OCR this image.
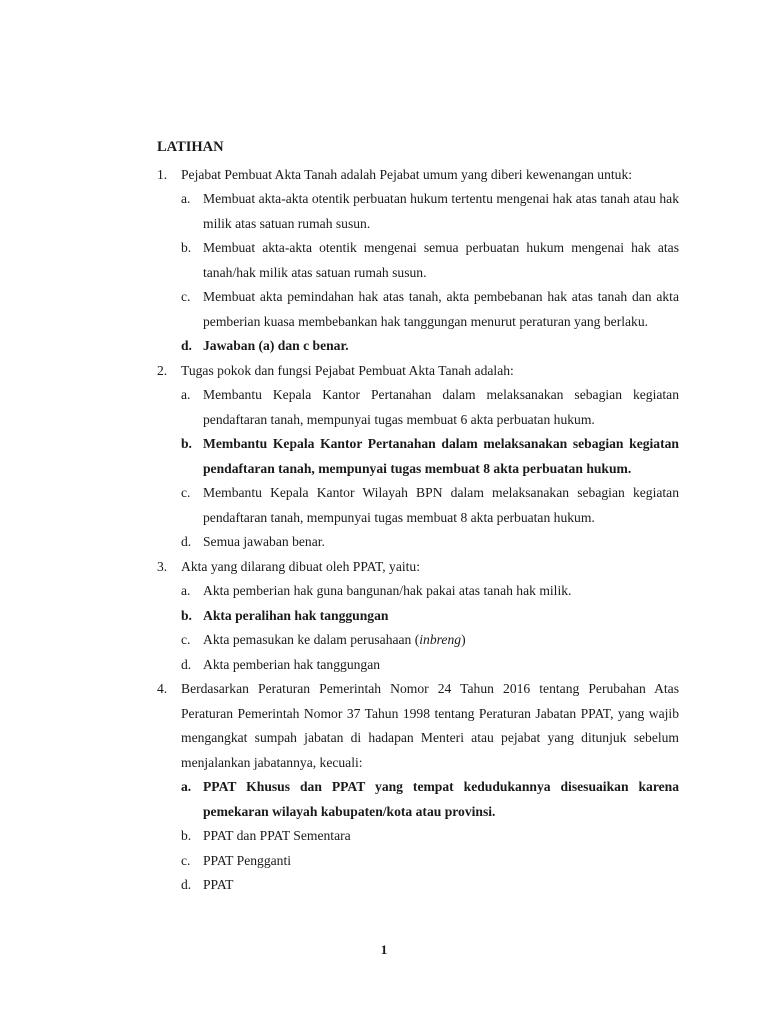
LATIHAN
1. Pejabat Pembuat Akta Tanah adalah Pejabat umum yang diberi kewenangan untuk:
a. Membuat akta-akta otentik perbuatan hukum tertentu mengenai hak atas tanah atau hak milik atas satuan rumah susun.
b. Membuat akta-akta otentik mengenai semua perbuatan hukum mengenai hak atas tanah/hak milik atas satuan rumah susun.
c. Membuat akta pemindahan hak atas tanah, akta pembebanan hak atas tanah dan akta pemberian kuasa membebankan hak tanggungan menurut peraturan yang berlaku.
d. Jawaban (a) dan c benar.
2. Tugas pokok dan fungsi Pejabat Pembuat Akta Tanah adalah:
a. Membantu Kepala Kantor Pertanahan dalam melaksanakan sebagian kegiatan pendaftaran tanah, mempunyai tugas membuat 6 akta perbuatan hukum.
b. Membantu Kepala Kantor Pertanahan dalam melaksanakan sebagian kegiatan pendaftaran tanah, mempunyai tugas membuat 8 akta perbuatan hukum.
c. Membantu Kepala Kantor Wilayah BPN dalam melaksanakan sebagian kegiatan pendaftaran tanah, mempunyai tugas membuat 8 akta perbuatan hukum.
d. Semua jawaban benar.
3. Akta yang dilarang dibuat oleh PPAT, yaitu:
a. Akta pemberian hak guna bangunan/hak pakai atas tanah hak milik.
b. Akta peralihan hak tanggungan
c. Akta pemasukan ke dalam perusahaan (inbreng)
d. Akta pemberian hak tanggungan
4. Berdasarkan Peraturan Pemerintah Nomor 24 Tahun 2016 tentang Perubahan Atas Peraturan Pemerintah Nomor 37 Tahun 1998 tentang Peraturan Jabatan PPAT, yang wajib mengangkat sumpah jabatan di hadapan Menteri atau pejabat yang ditunjuk sebelum menjalankan jabatannya, kecuali:
a. PPAT Khusus dan PPAT yang tempat kedudukannya disesuaikan karena pemekaran wilayah kabupaten/kota atau provinsi.
b. PPAT dan PPAT Sementara
c. PPAT Pengganti
d. PPAT
1
